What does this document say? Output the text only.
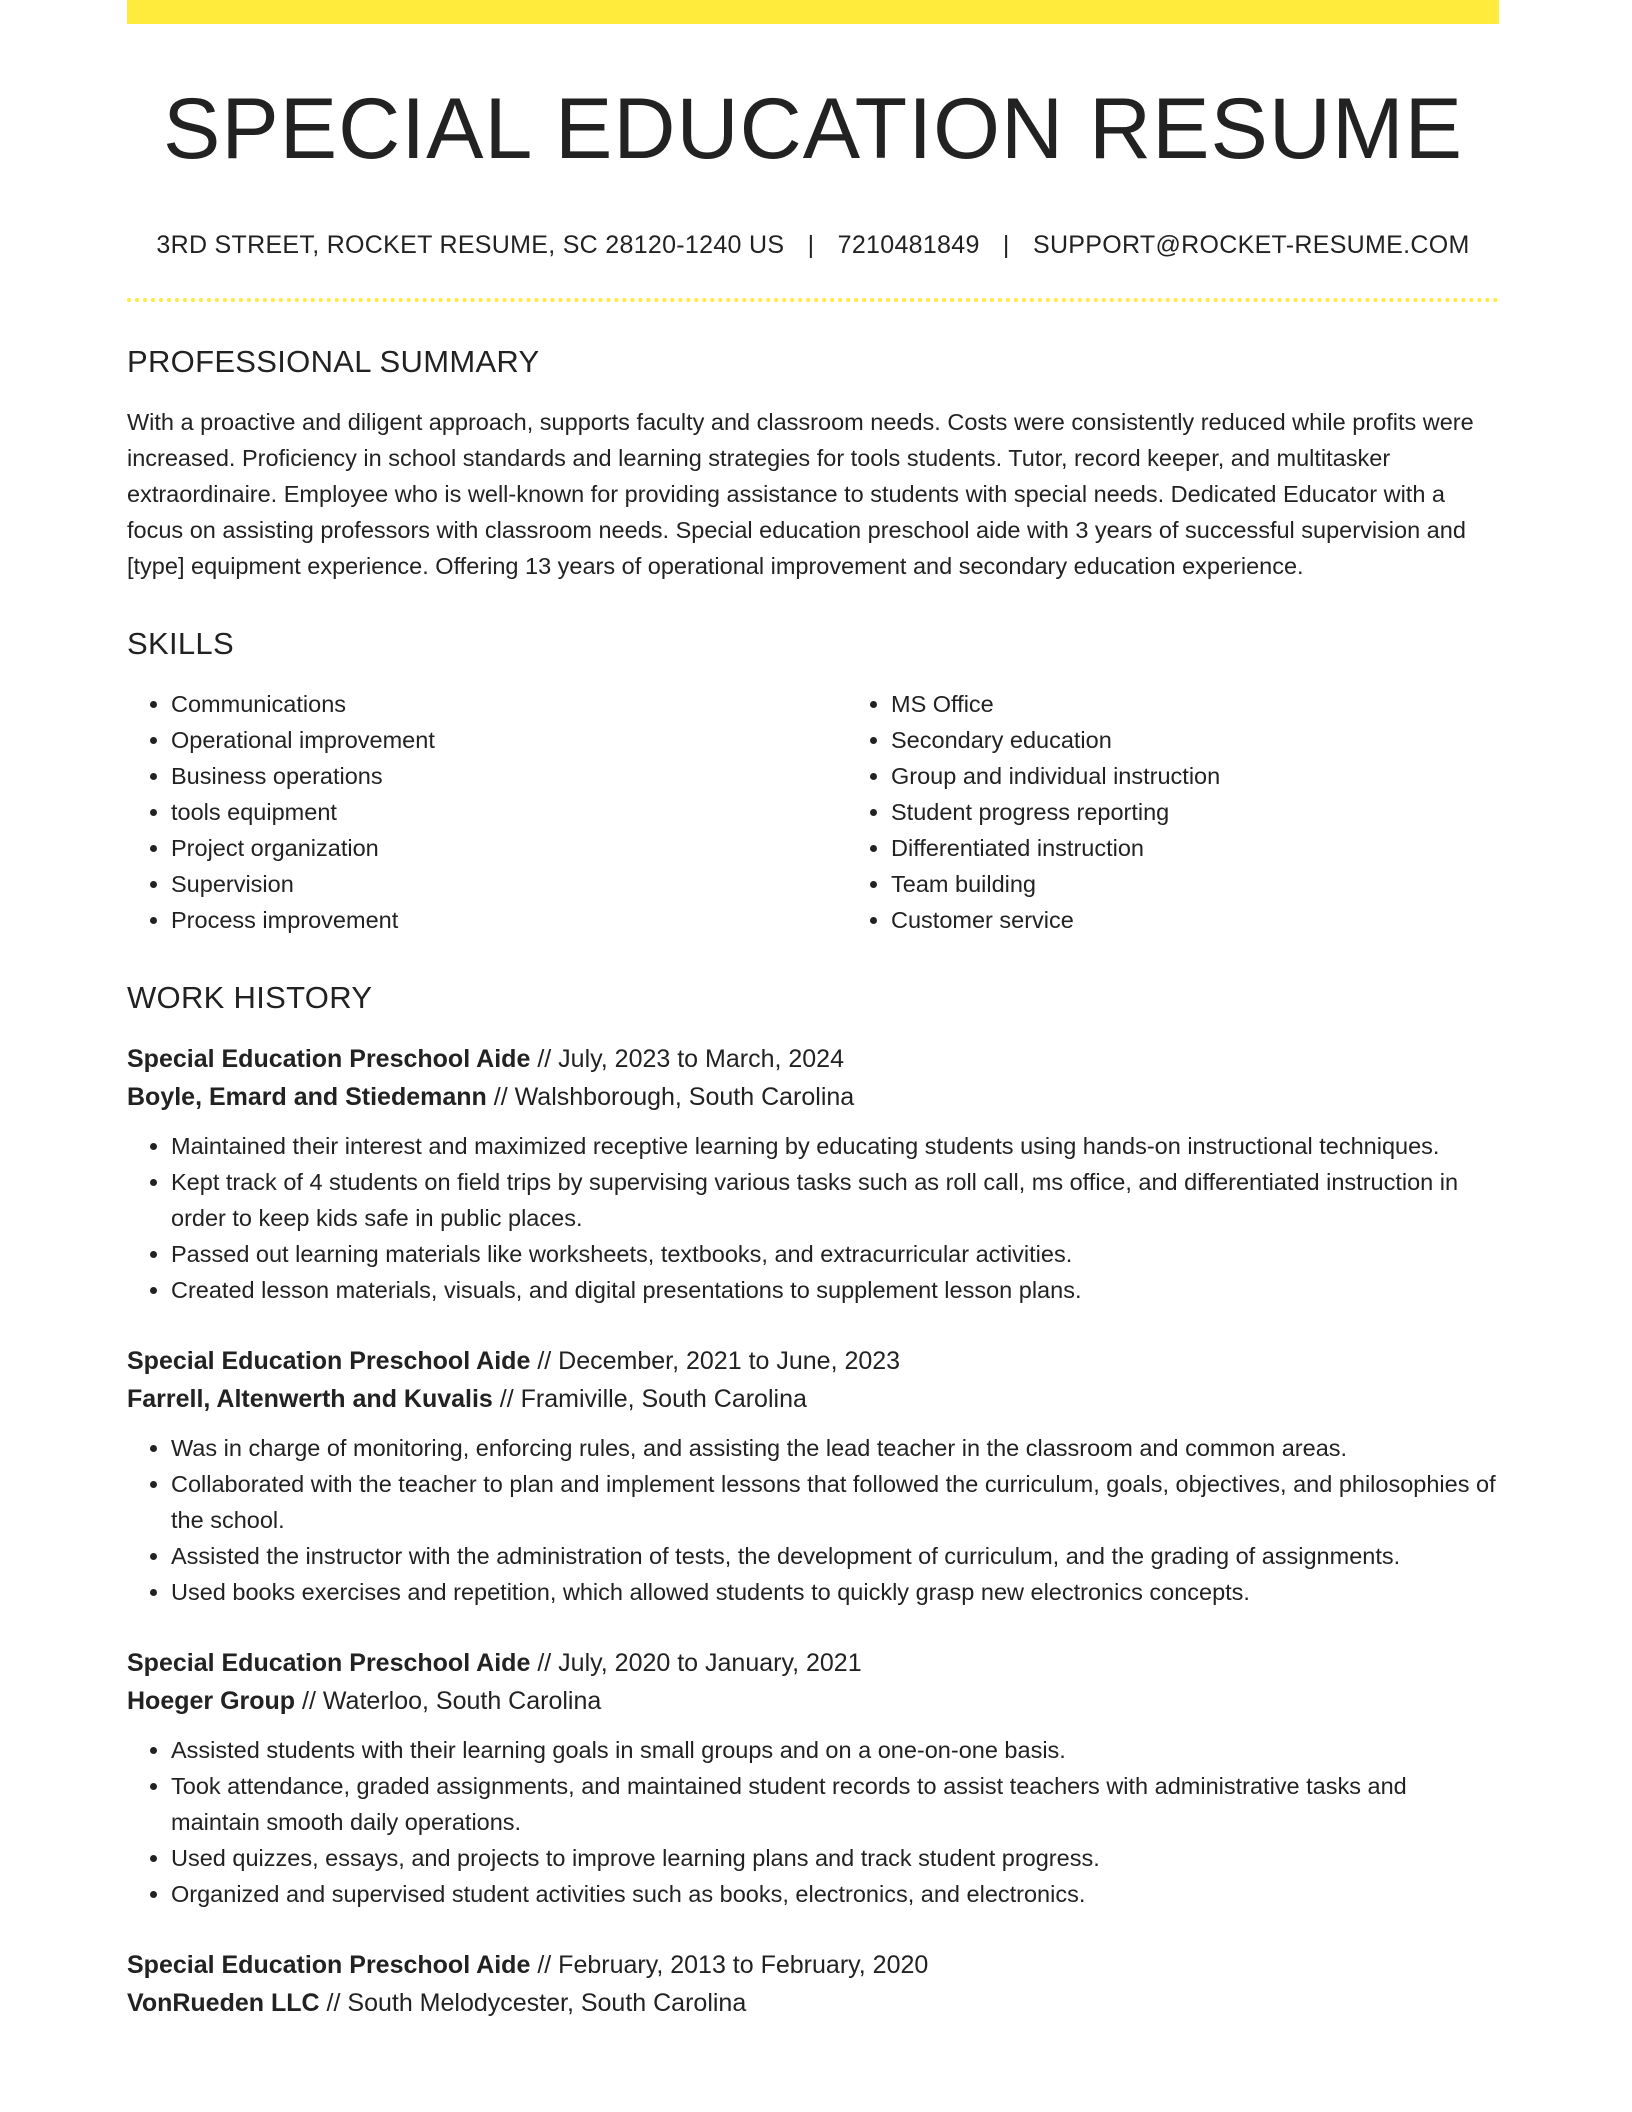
SPECIAL EDUCATION RESUME
3RD STREET, ROCKET RESUME, SC 28120-1240 US | 7210481849 | SUPPORT@ROCKET-RESUME.COM
PROFESSIONAL SUMMARY

With a proactive and diligent approach, supports faculty and classroom needs. Costs were consistently reduced while profits were increased. Proficiency in school standards and learning strategies for tools students. Tutor, record keeper, and multitasker extraordinaire. Employee who is well-known for providing assistance to students with special needs. Dedicated Educator with a focus on assisting professors with classroom needs. Special education preschool aide with 3 years of successful supervision and [type] equipment experience. Offering 13 years of operational improvement and secondary education experience.

SKILLS
• Communications
• Operational improvement
• Business operations
• tools equipment
• Project organization
• Supervision
• Process improvement
• MS Office
• Secondary education
• Group and individual instruction
• Student progress reporting
• Differentiated instruction
• Team building
• Customer service
WORK HISTORY
Special Education Preschool Aide // July, 2023 to March, 2024
Boyle, Emard and Stiedemann // Walshborough, South Carolina
• Maintained their interest and maximized receptive learning by educating students using hands-on instructional techniques.
• Kept track of 4 students on field trips by supervising various tasks such as roll call, ms office, and differentiated instruction in order to keep kids safe in public places.
• Passed out learning materials like worksheets, textbooks, and extracurricular activities.
• Created lesson materials, visuals, and digital presentations to supplement lesson plans.
Special Education Preschool Aide // December, 2021 to June, 2023
Farrell, Altenwerth and Kuvalis // Framiville, South Carolina
• Was in charge of monitoring, enforcing rules, and assisting the lead teacher in the classroom and common areas.
• Collaborated with the teacher to plan and implement lessons that followed the curriculum, goals, objectives, and philosophies of the school.
• Assisted the instructor with the administration of tests, the development of curriculum, and the grading of assignments.
• Used books exercises and repetition, which allowed students to quickly grasp new electronics concepts.
Special Education Preschool Aide // July, 2020 to January, 2021
Hoeger Group // Waterloo, South Carolina
• Assisted students with their learning goals in small groups and on a one-on-one basis.
• Took attendance, graded assignments, and maintained student records to assist teachers with administrative tasks and maintain smooth daily operations.
• Used quizzes, essays, and projects to improve learning plans and track student progress.
• Organized and supervised student activities such as books, electronics, and electronics.
Special Education Preschool Aide // February, 2013 to February, 2020
VonRueden LLC // South Melodycester, South Carolina
